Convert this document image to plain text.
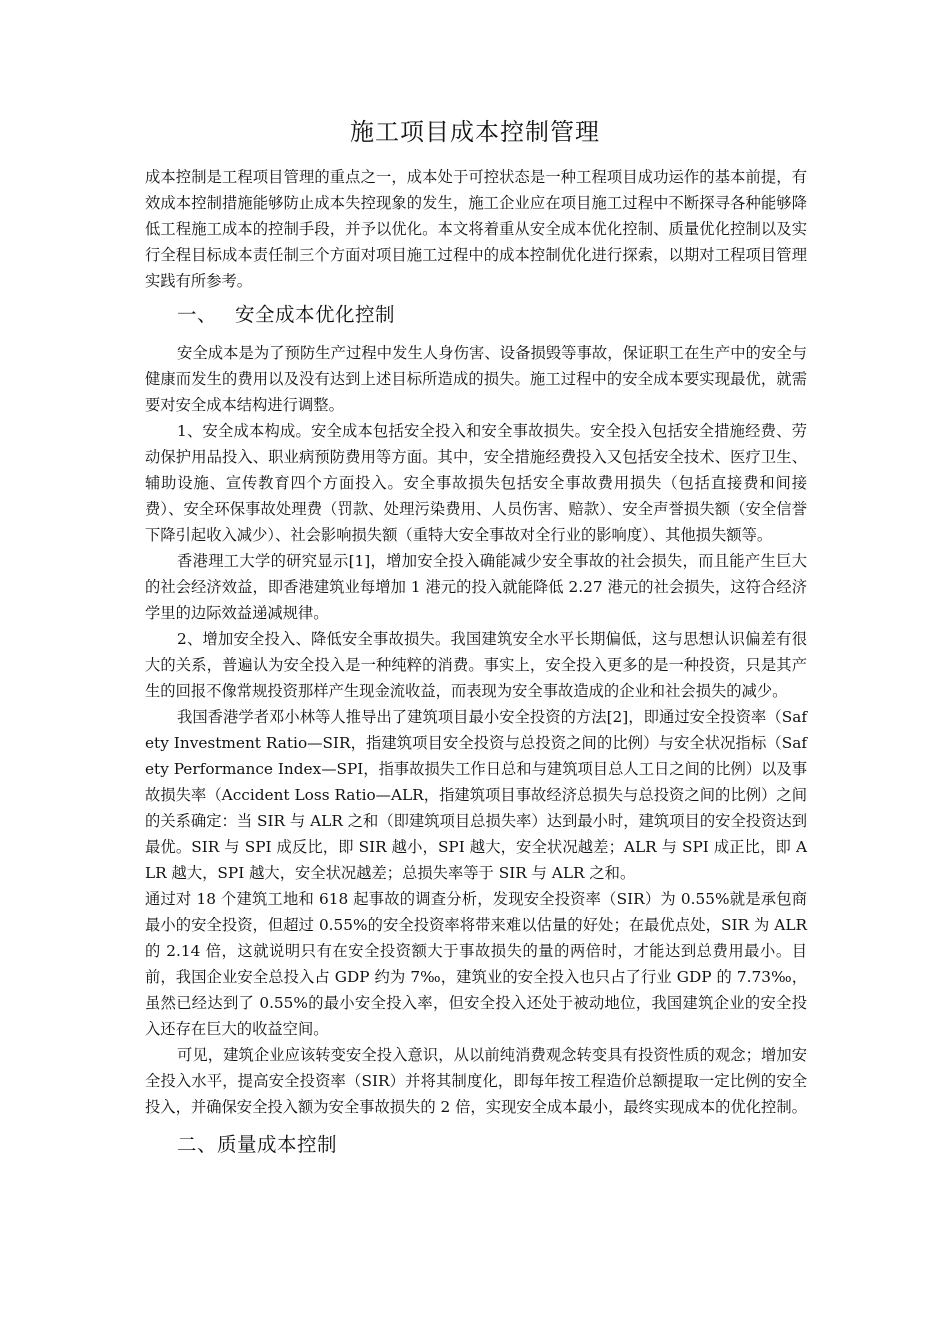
施工项目成本控制管理

成本控制是工程项目管理的重点之一，成本处于可控状态是一种工程项目成功运作的基本前提，有效成本控制措施能够防止成本失控现象的发生，施工企业应在项目施工过程中不断探寻各种能够降低工程施工成本的控制手段，并予以优化。本文将着重从安全成本优化控制、质量优化控制以及实行全程目标成本责任制三个方面对项目施工过程中的成本控制优化进行探索，以期对工程项目管理实践有所参考。

一、 安全成本优化控制

安全成本是为了预防生产过程中发生人身伤害、设备损毁等事故，保证职工在生产中的安全与健康而发生的费用以及没有达到上述目标所造成的损失。施工过程中的安全成本要实现最优，就需要对安全成本结构进行调整。

1、安全成本构成。安全成本包括安全投入和安全事故损失。安全投入包括安全措施经费、劳动保护用品投入、职业病预防费用等方面。其中，安全措施经费投入又包括安全技术、医疗卫生、辅助设施、宣传教育四个方面投入。安全事故损失包括安全事故费用损失（包括直接费和间接费）、安全环保事故处理费（罚款、处理污染费用、人员伤害、赔款）、安全声誉损失额（安全信誉下降引起收入减少）、社会影响损失额（重特大安全事故对全行业的影响度）、其他损失额等。

香港理工大学的研究显示[1]，增加安全投入确能减少安全事故的社会损失，而且能产生巨大的社会经济效益，即香港建筑业每增加 1 港元的投入就能降低 2.27 港元的社会损失，这符合经济学里的边际效益递减规律。

2、增加安全投入、降低安全事故损失。我国建筑安全水平长期偏低，这与思想认识偏差有很大的关系，普遍认为安全投入是一种纯粹的消费。事实上，安全投入更多的是一种投资，只是其产生的回报不像常规投资那样产生现金流收益，而表现为安全事故造成的企业和社会损失的减少。

我国香港学者邓小林等人推导出了建筑项目最小安全投资的方法[2]，即通过安全投资率（Safety Investment Ratio—SIR，指建筑项目安全投资与总投资之间的比例）与安全状况指标（Safety Performance Index—SPI，指事故损失工作日总和与建筑项目总人工日之间的比例）以及事故损失率（Accident Loss Ratio—ALR，指建筑项目事故经济总损失与总投资之间的比例）之间的关系确定：当 SIR 与 ALR 之和（即建筑项目总损失率）达到最小时，建筑项目的安全投资达到最优。SIR 与 SPI 成反比，即 SIR 越小，SPI 越大，安全状况越差；ALR 与 SPI 成正比，即 ALR 越大，SPI 越大，安全状况越差；总损失率等于 SIR 与 ALR 之和。

通过对 18 个建筑工地和 618 起事故的调查分析，发现安全投资率（SIR）为 0.55%就是承包商最小的安全投资，但超过 0.55%的安全投资率将带来难以估量的好处；在最优点处，SIR 为 ALR 的 2.14 倍，这就说明只有在安全投资额大于事故损失的量的两倍时，才能达到总费用最小。目前，我国企业安全总投入占 GDP 约为 7‰，建筑业的安全投入也只占了行业 GDP 的 7.73‰，虽然已经达到了 0.55%的最小安全投入率，但安全投入还处于被动地位，我国建筑企业的安全投入还存在巨大的收益空间。

可见，建筑企业应该转变安全投入意识，从以前纯消费观念转变具有投资性质的观念；增加安全投入水平，提高安全投资率（SIR）并将其制度化，即每年按工程造价总额提取一定比例的安全投入，并确保安全投入额为安全事故损失的 2 倍，实现安全成本最小，最终实现成本的优化控制。

二、质量成本控制
